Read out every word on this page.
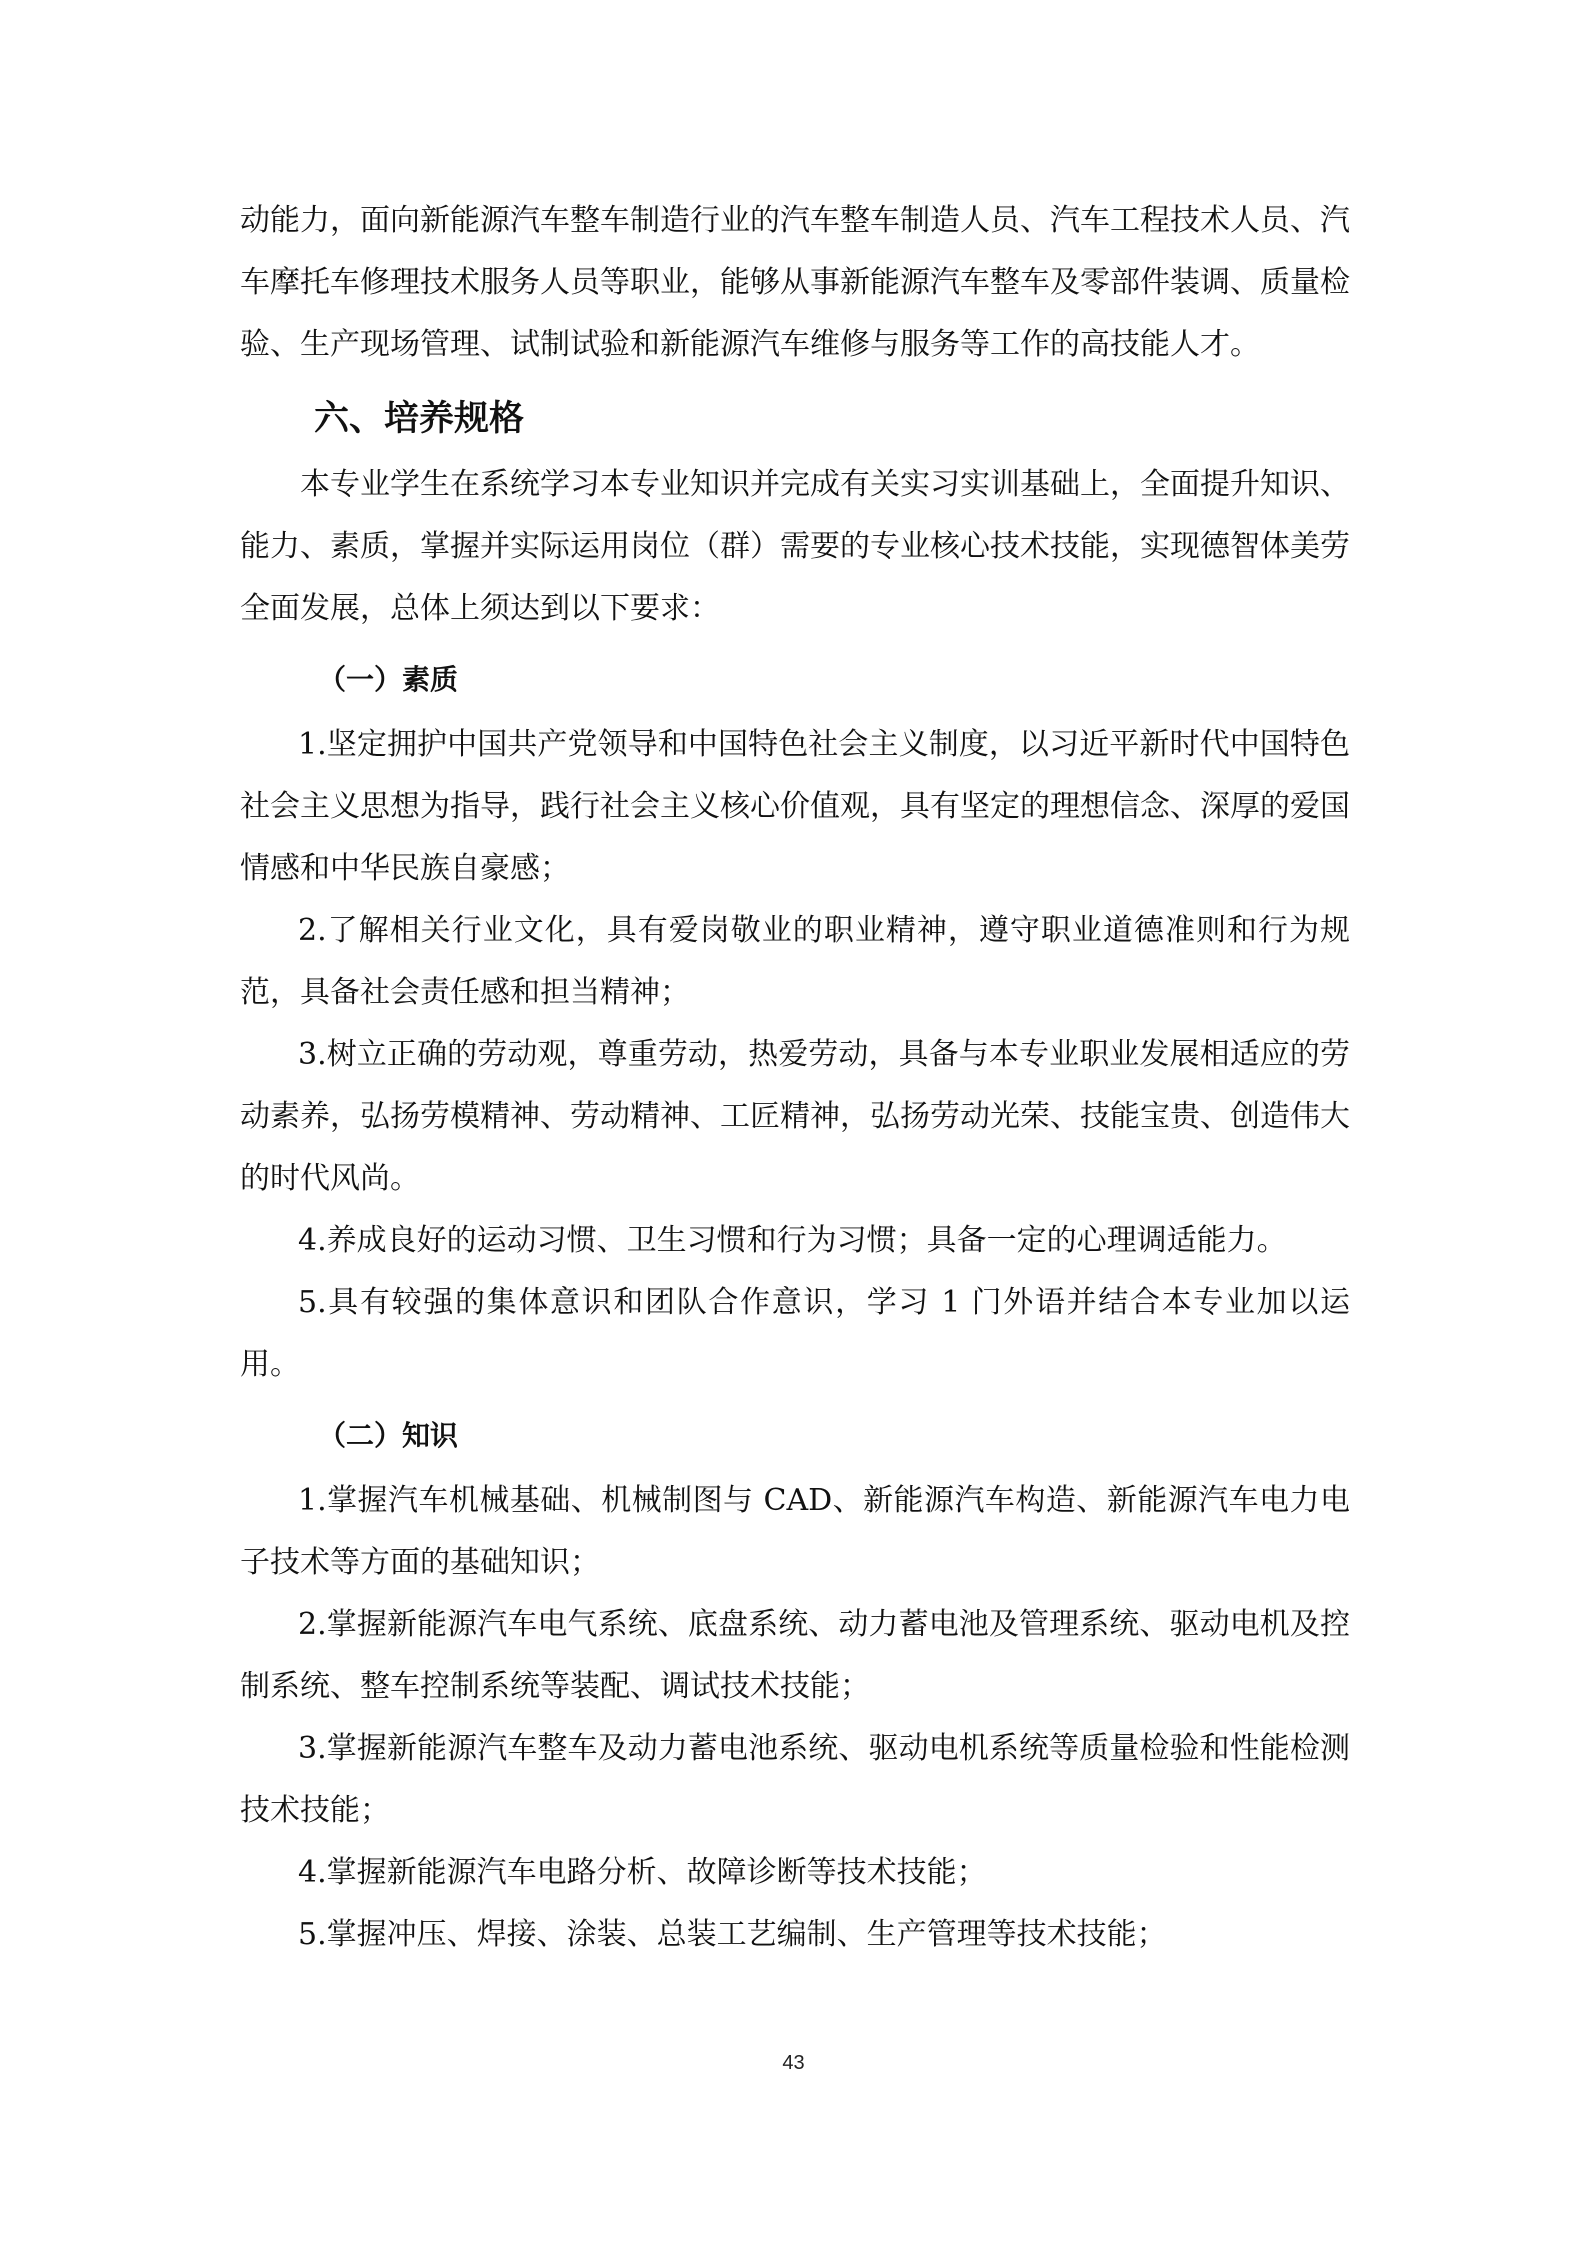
动能力，面向新能源汽车整车制造行业的汽车整车制造人员、汽车工程技术人员、汽车摩托车修理技术服务人员等职业，能够从事新能源汽车整车及零部件装调、质量检验、生产现场管理、试制试验和新能源汽车维修与服务等工作的高技能人才。

六、培养规格

本专业学生在系统学习本专业知识并完成有关实习实训基础上，全面提升知识、能力、素质，掌握并实际运用岗位（群）需要的专业核心技术技能，实现德智体美劳全面发展，总体上须达到以下要求：

（一）素质

1.坚定拥护中国共产党领导和中国特色社会主义制度，以习近平新时代中国特色社会主义思想为指导，践行社会主义核心价值观，具有坚定的理想信念、深厚的爱国情感和中华民族自豪感；

2.了解相关行业文化，具有爱岗敬业的职业精神，遵守职业道德准则和行为规范，具备社会责任感和担当精神；

3.树立正确的劳动观，尊重劳动，热爱劳动，具备与本专业职业发展相适应的劳动素养，弘扬劳模精神、劳动精神、工匠精神，弘扬劳动光荣、技能宝贵、创造伟大的时代风尚。

4.养成良好的运动习惯、卫生习惯和行为习惯；具备一定的心理调适能力。

5.具有较强的集体意识和团队合作意识，学习 1 门外语并结合本专业加以运用。

（二）知识

1.掌握汽车机械基础、机械制图与 CAD、新能源汽车构造、新能源汽车电力电子技术等方面的基础知识；

2.掌握新能源汽车电气系统、底盘系统、动力蓄电池及管理系统、驱动电机及控制系统、整车控制系统等装配、调试技术技能；

3.掌握新能源汽车整车及动力蓄电池系统、驱动电机系统等质量检验和性能检测技术技能；

4.掌握新能源汽车电路分析、故障诊断等技术技能；

5.掌握冲压、焊接、涂装、总装工艺编制、生产管理等技术技能；

43
